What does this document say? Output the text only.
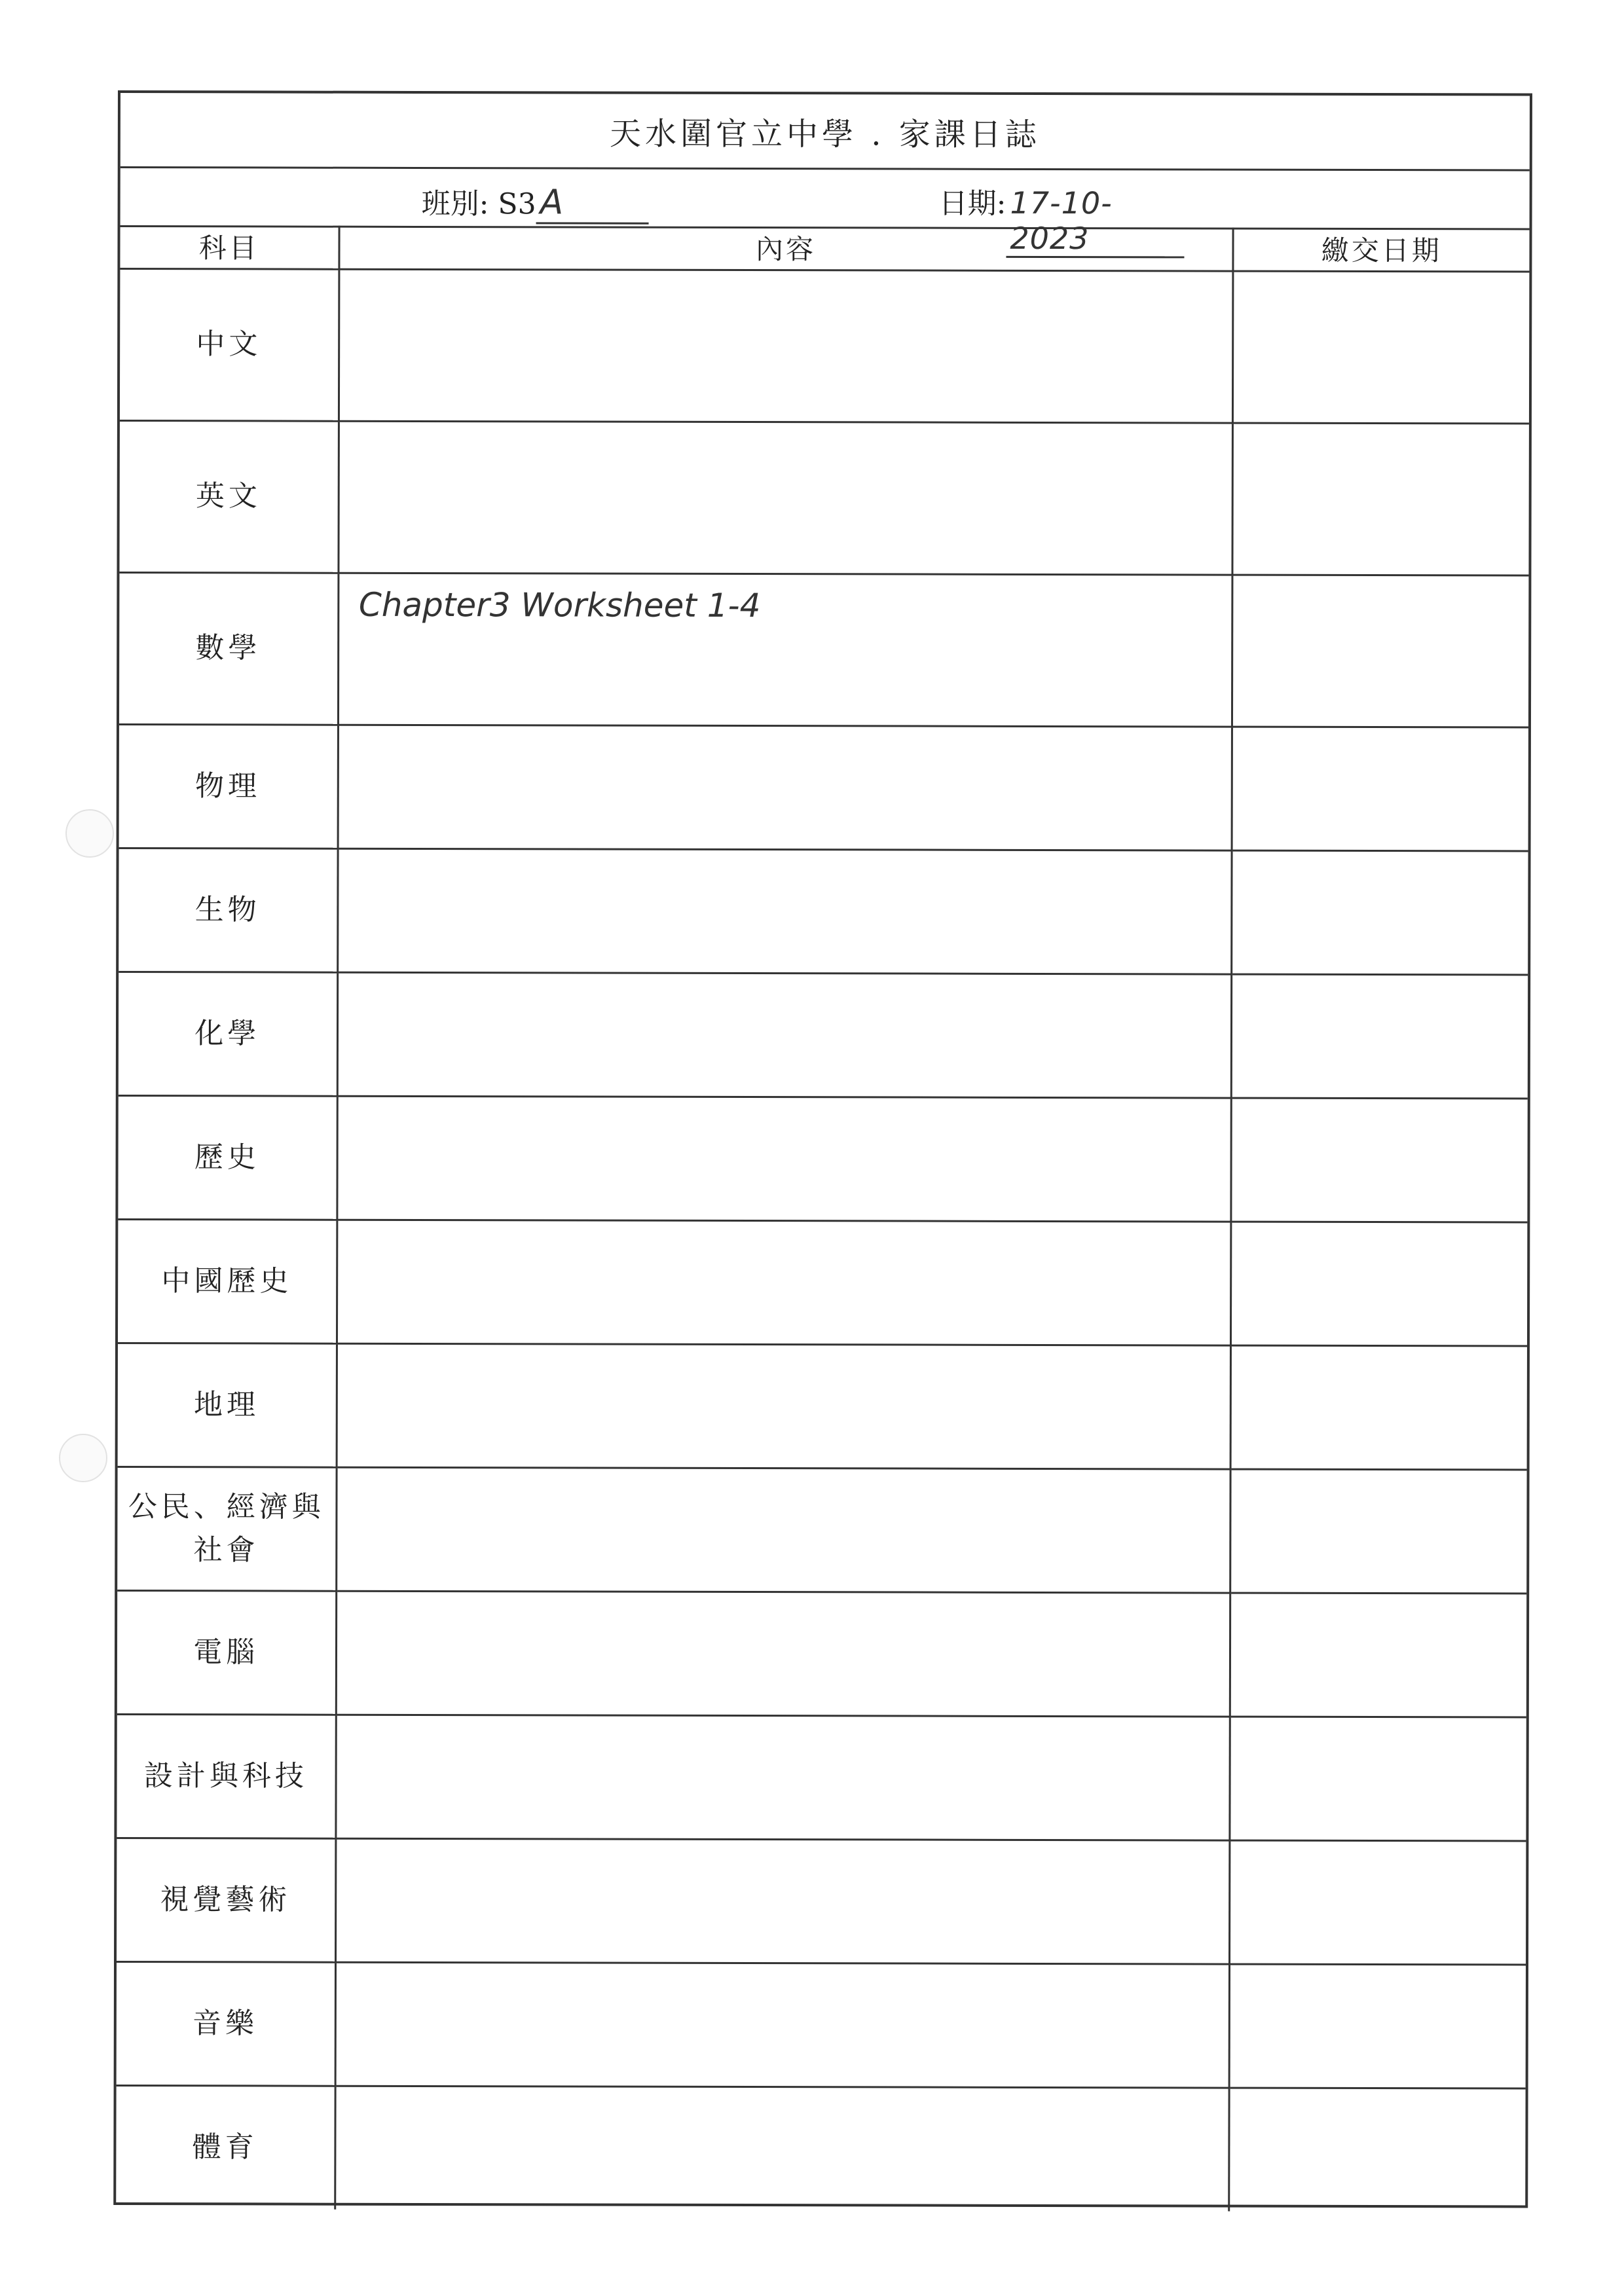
天水圍官立中學 . 家課日誌
班別: S3 A	日期: 17-10-2023
科目	內容	繳交日期
中文		
英文		
數學	Chapter3 Worksheet 1-4	
物理		
生物		
化學		
歷史		
中國歷史		
地理		
公民、經濟與社會		
電腦		
設計與科技		
視覺藝術		
音樂		
體育		
